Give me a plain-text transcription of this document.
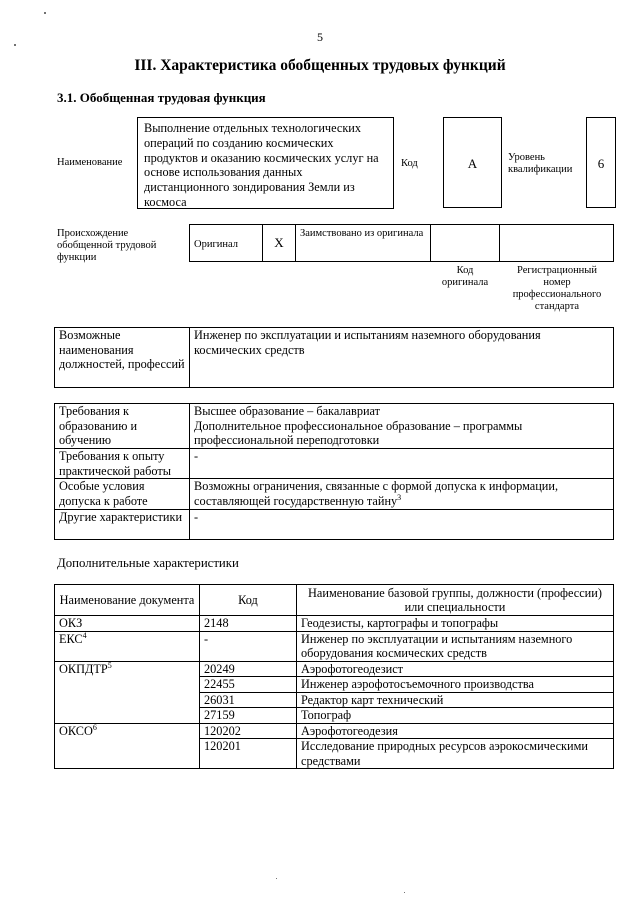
5
III. Характеристика обобщенных трудовых функций
3.1. Обобщенная трудовая функция
Наименование
Выполнение отдельных технологических операций по созданию космических продуктов и оказанию космических услуг на основе использования данных дистанционного зондирования Земли из космоса
Код	A	Уровень квалификации	6
Происхождение обобщенной трудовой функции
Оригинал	X	Заимствовано из оригинала		
Код оригинала
Регистрационный номер профессионального стандарта
Возможные наименования должностей, профессий	Инженер по эксплуатации и испытаниям наземного оборудования космических средств
Требования к образованию и обучению	Высшее образование – бакалавриат
Дополнительное профессиональное образование – программы профессиональной переподготовки

Требования к опыту практической работы	-
Особые условия допуска к работе	Возможны ограничения, связанные с формой допуска к информации, составляющей государственную тайну$^3$
Другие характеристики	-
Дополнительные характеристики
Наименование документа	Код	Наименование базовой группы, должности (профессии) или специальности
ОКЗ	2148	Геодезисты, картографы и топографы
ЕКС$^4$	-	Инженер по эксплуатации и испытаниям наземного оборудования космических средств
ОКПДТР$^5$	20249	Аэрофотогеодезист
	22455	Инженер аэрофотосъемочного производства
	26031	Редактор карт технический
	27159	Топограф
ОКСО$^6$	120202	Аэрофотогеодезия
	120201	Исследование природных ресурсов аэрокосмическими средствами
